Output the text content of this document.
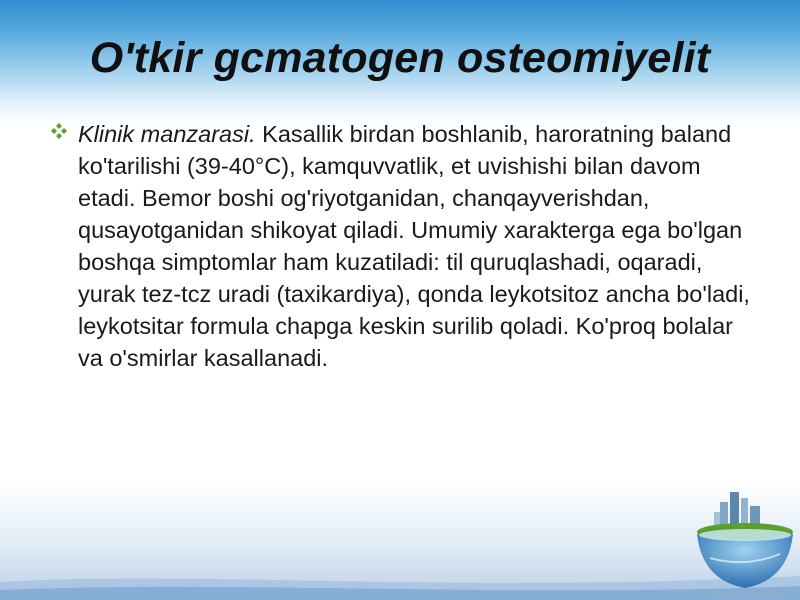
O'tkir gcmatogen osteomiyelit
Klinik manzarasi. Kasallik birdan boshlanib, haroratning baland ko'tarilishi (39-40°C), kamquvvatlik, et uvishishi bilan davom etadi. Bemor boshi og'riyotganidan, chanqayverishdan, qusayotganidan shikoyat qiladi. Umumiy xarakterga ega bo'lgan boshqa simptomlar ham kuzatiladi: til quruqlashadi, oqaradi, yurak tez-tcz uradi (taxikardiya), qonda leykotsitoz ancha bo'ladi, leykotsitar formula chapga keskin surilib qoladi. Ko'proq bolalar va o'smirlar kasallanadi.
